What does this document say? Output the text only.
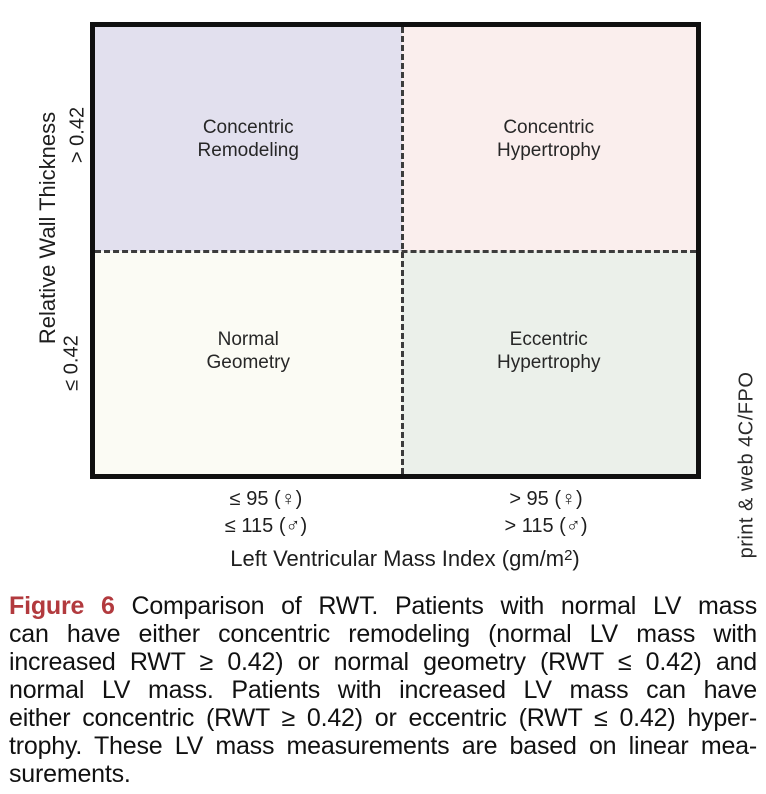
Concentric
Remodeling
Concentric
Hypertrophy
Normal
Geometry
Eccentric
Hypertrophy
Relative Wall Thickness > 0.42
≤ 0.42
≤ 95 (♀)
≤ 115 (♂)
> 95 (♀)
> 115 (♂)
Left Ventricular Mass Index $(gm/m^2)$
print & web 4C/FPO
Figure 6 Comparison of RWT. Patients with normal LV mass
can have either concentric remodeling (normal LV mass with
increased RWT ≥ 0.42) or normal geometry (RWT ≤ 0.42) and
normal LV mass. Patients with increased LV mass can have
either concentric (RWT ≥ 0.42) or eccentric (RWT ≤ 0.42) hyper-
trophy. These LV mass measurements are based on linear mea-
surements.
